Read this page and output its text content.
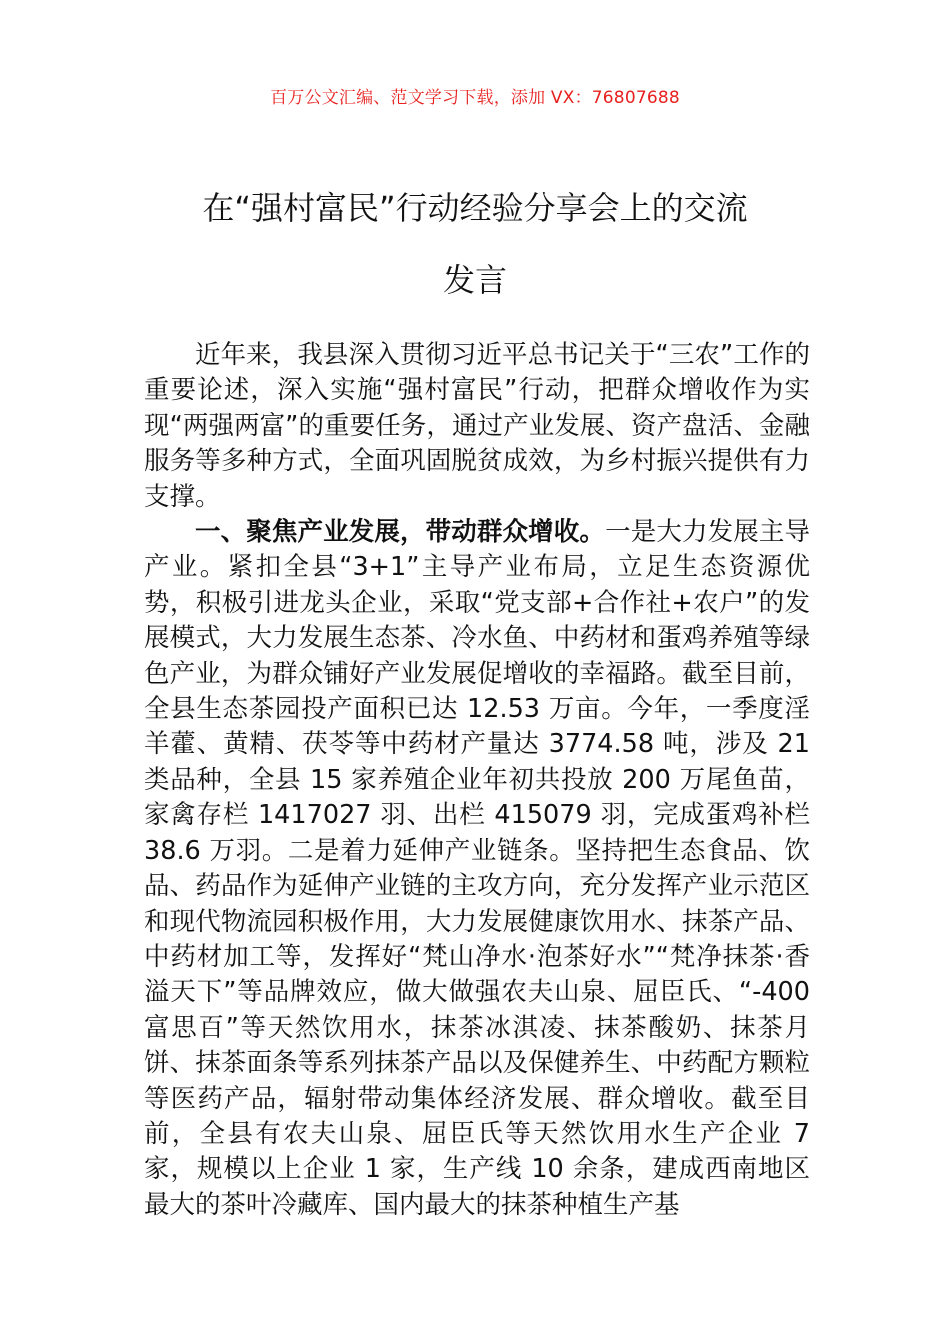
百万公文汇编、范文学习下载，添加 VX：76807688
在“强村富民”行动经验分享会上的交流
发言

近年来，我县深入贯彻习近平总书记关于“三农”工作的重要论述，深入实施“强村富民”行动，把群众增收作为实现“两强两富”的重要任务，通过产业发展、资产盘活、金融服务等多种方式，全面巩固脱贫成效，为乡村振兴提供有力支撑。

一、聚焦产业发展，带动群众增收。一是大力发展主导产业。紧扣全县“3+1”主导产业布局，立足生态资源优势，积极引进龙头企业，采取“党支部+合作社+农户”的发展模式，大力发展生态茶、冷水鱼、中药材和蛋鸡养殖等绿色产业，为群众铺好产业发展促增收的幸福路。截至目前，全县生态茶园投产面积已达 12.53 万亩。今年，一季度淫羊藿、黄精、茯苓等中药材产量达 3774.58 吨，涉及 21 类品种，全县 15 家养殖企业年初共投放 200 万尾鱼苗，家禽存栏 1417027 羽、出栏 415079 羽，完成蛋鸡补栏 38.6 万羽。二是着力延伸产业链条。坚持把生态食品、饮品、药品作为延伸产业链的主攻方向，充分发挥产业示范区和现代物流园积极作用，大力发展健康饮用水、抹茶产品、中药材加工等，发挥好“梵山净水·泡茶好水”“梵净抹茶·香溢天下”等品牌效应，做大做强农夫山泉、屈臣氏、“-400 富思百”等天然饮用水，抹茶冰淇凌、抹茶酸奶、抹茶月饼、抹茶面条等系列抹茶产品以及保健养生、中药配方颗粒等医药产品，辐射带动集体经济发展、群众增收。截至目前，全县有农夫山泉、屈臣氏等天然饮用水生产企业 7 家，规模以上企业 1 家，生产线 10 余条，建成西南地区最大的茶叶冷藏库、国内最大的抹茶种植生产基
